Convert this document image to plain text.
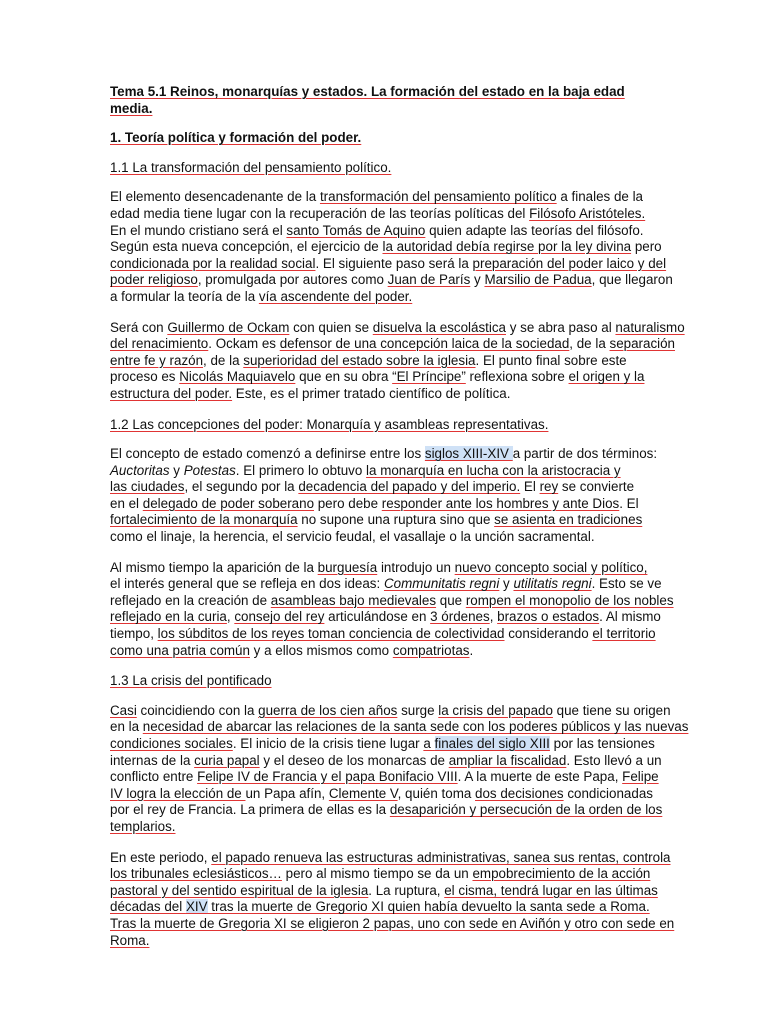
Tema 5.1 Reinos, monarquías y estados. La formación del estado en la baja edad media.

1. Teoría política y formación del poder.

1.1 La transformación del pensamiento político.

El elemento desencadenante de la transformación del pensamiento político a finales de la
edad media tiene lugar con la recuperación de las teorías políticas del Filósofo Aristóteles.
En el mundo cristiano será el santo Tomás de Aquino quien adapte las teorías del filósofo.
Según esta nueva concepción, el ejercicio de la autoridad debía regirse por la ley divina pero
condicionada por la realidad social. El siguiente paso será la preparación del poder laico y del
poder religioso, promulgada por autores como Juan de París y Marsilio de Padua, que llegaron
a formular la teoría de la vía ascendente del poder.

Será con Guillermo de Ockam con quien se disuelva la escolástica y se abra paso al naturalismo
del renacimiento. Ockam es defensor de una concepción laica de la sociedad, de la separación
entre fe y razón, de la superioridad del estado sobre la iglesia. El punto final sobre este
proceso es Nicolás Maquiavelo que en su obra “El Príncipe” reflexiona sobre el origen y la
estructura del poder. Este, es el primer tratado científico de política.

1.2 Las concepciones del poder: Monarquía y asambleas representativas.

El concepto de estado comenzó a definirse entre los siglos XIII-XIV a partir de dos términos:
Auctoritas y Potestas. El primero lo obtuvo la monarquía en lucha con la aristocracia y
las ciudades, el segundo por la decadencia del papado y del imperio. El rey se convierte
en el delegado de poder soberano pero debe responder ante los hombres y ante Dios. El
fortalecimiento de la monarquía no supone una ruptura sino que se asienta en tradiciones
como el linaje, la herencia, el servicio feudal, el vasallaje o la unción sacramental.

Al mismo tiempo la aparición de la burguesía introdujo un nuevo concepto social y político,
el interés general que se refleja en dos ideas: Communitatis regni y utilitatis regni. Esto se ve
reflejado en la creación de asambleas bajo medievales que rompen el monopolio de los nobles
reflejado en la curia, consejo del rey articulándose en 3 órdenes, brazos o estados. Al mismo
tiempo, los súbditos de los reyes toman conciencia de colectividad considerando el territorio
como una patria común y a ellos mismos como compatriotas.

1.3 La crisis del pontificado

Casi coincidiendo con la guerra de los cien años surge la crisis del papado que tiene su origen
en la necesidad de abarcar las relaciones de la santa sede con los poderes públicos y las nuevas
condiciones sociales. El inicio de la crisis tiene lugar a finales del siglo XIII por las tensiones
internas de la curia papal y el deseo de los monarcas de ampliar la fiscalidad. Esto llevó a un
conflicto entre Felipe IV de Francia y el papa Bonifacio VIII. A la muerte de este Papa, Felipe
IV logra la elección de un Papa afín, Clemente V, quién toma dos decisiones condicionadas
por el rey de Francia. La primera de ellas es la desaparición y persecución de la orden de los
templarios.

En este periodo, el papado renueva las estructuras administrativas, sanea sus rentas, controla
los tribunales eclesiásticos… pero al mismo tiempo se da un empobrecimiento de la acción
pastoral y del sentido espiritual de la iglesia. La ruptura, el cisma, tendrá lugar en las últimas
décadas del XIV tras la muerte de Gregorio XI quien había devuelto la santa sede a Roma.
Tras la muerte de Gregoria XI se eligieron 2 papas, uno con sede en Aviñón y otro con sede en
Roma.
